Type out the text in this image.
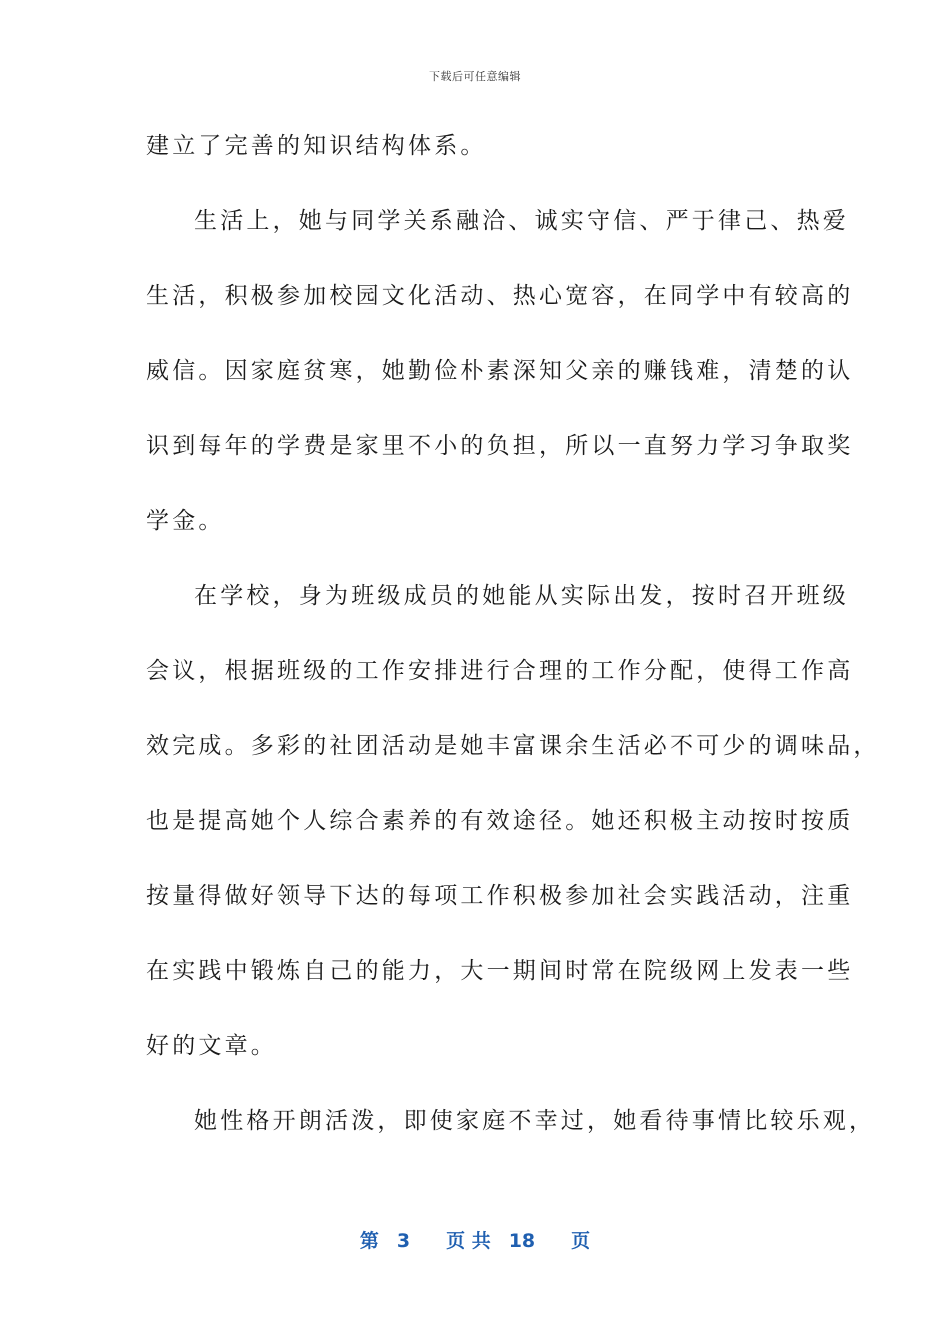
下载后可任意编辑
建立了完善的知识结构体系。
生活上，她与同学关系融洽、诚实守信、严于律己、热爱
生活，积极参加校园文化活动、热心宽容，在同学中有较高的
威信。因家庭贫寒，她勤俭朴素深知父亲的赚钱难，清楚的认
识到每年的学费是家里不小的负担，所以一直努力学习争取奖
学金。
在学校，身为班级成员的她能从实际出发，按时召开班级
会议，根据班级的工作安排进行合理的工作分配，使得工作高
效完成。多彩的社团活动是她丰富课余生活必不可少的调味品，
也是提高她个人综合素养的有效途径。她还积极主动按时按质
按量得做好领导下达的每项工作积极参加社会实践活动，注重
在实践中锻炼自己的能力，大一期间时常在院级网上发表一些
好的文章。
她性格开朗活泼，即使家庭不幸过，她看待事情比较乐观，
第 3 页 共 18 页
